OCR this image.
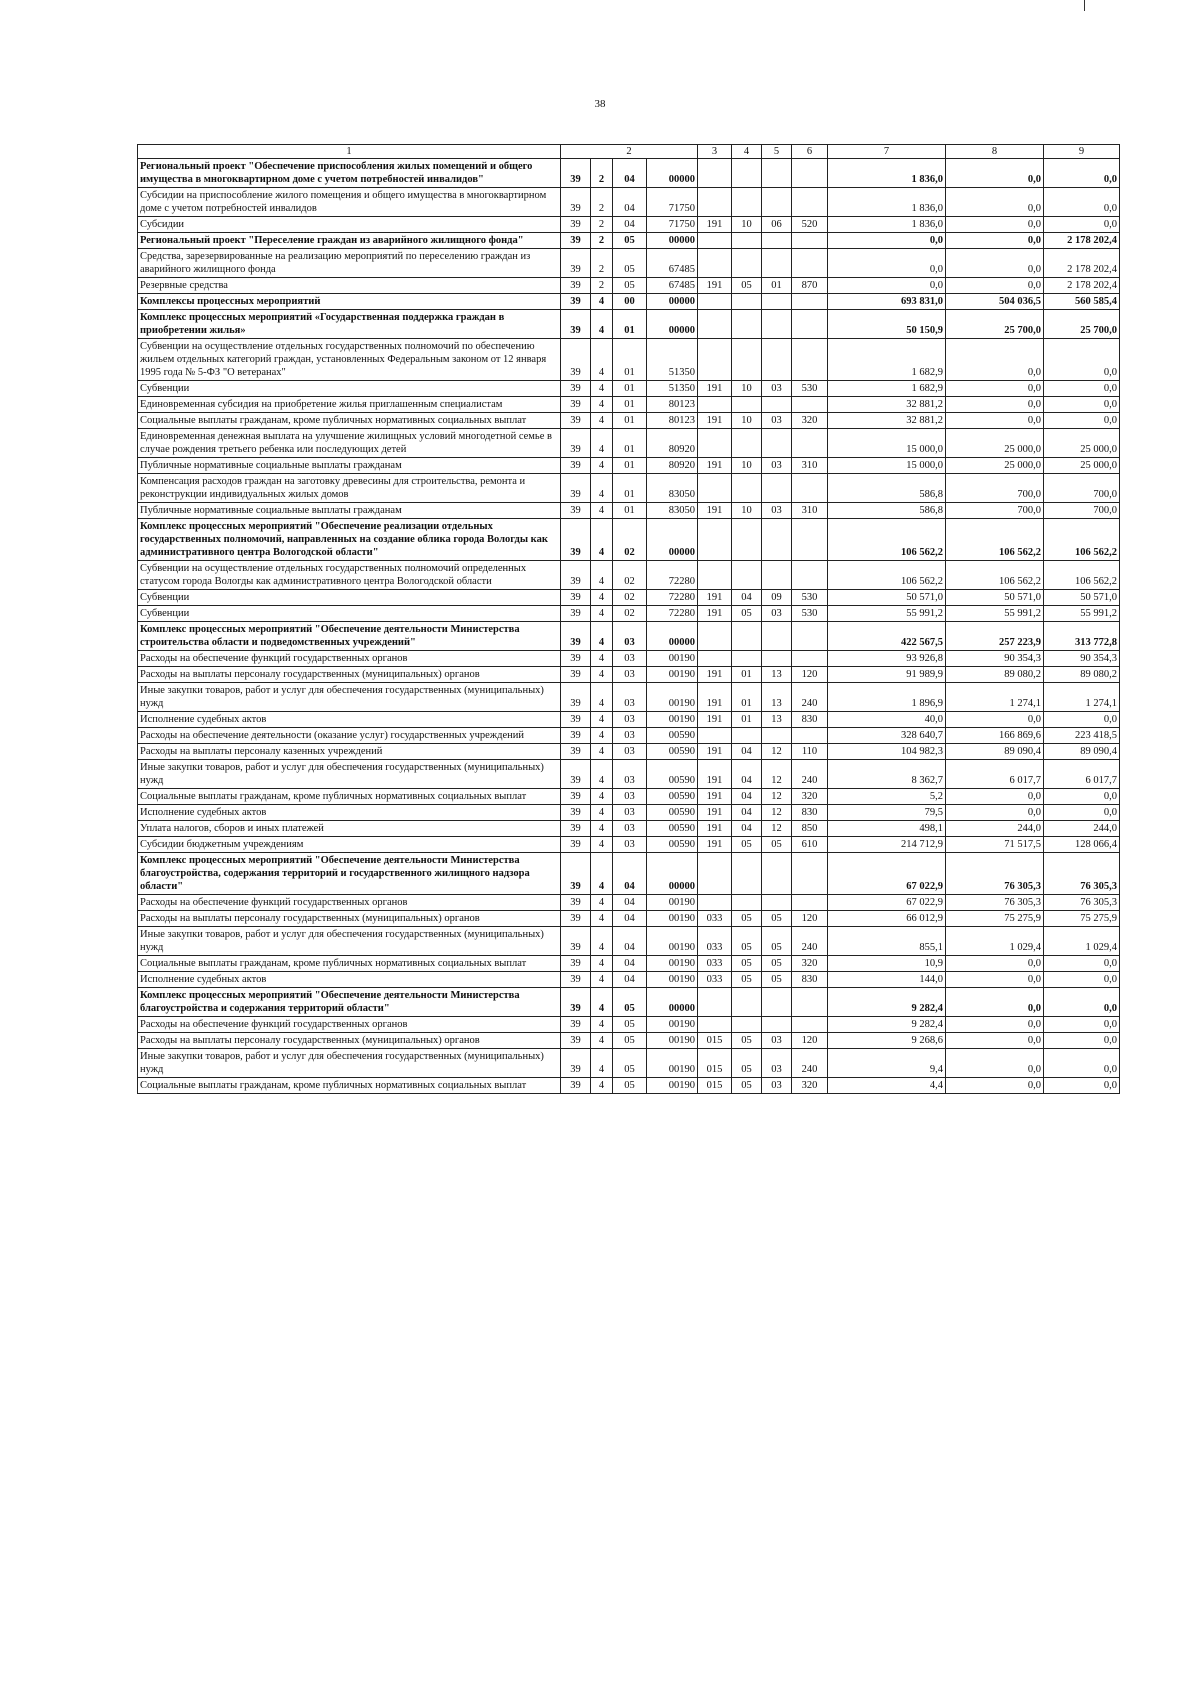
38
1	2				3	4	5	6	7	8	9
Региональный проект "Обеспечение приспособления жилых помещений и общего имущества в многоквартирном доме с учетом потребностей инвалидов"	39	2	04	00000					1 836,0	0,0	0,0
Субсидии на приспособление жилого помещения и общего имущества в многоквартирном доме с учетом потребностей инвалидов	39	2	04	71750					1 836,0	0,0	0,0
Субсидии	39	2	04	71750	191	10	06	520	1 836,0	0,0	0,0
Региональный проект "Переселение граждан из аварийного жилищного фонда"	39	2	05	00000					0,0	0,0	2 178 202,4
Средства, зарезервированные на реализацию мероприятий по переселению граждан из аварийного жилищного фонда	39	2	05	67485					0,0	0,0	2 178 202,4
Резервные средства	39	2	05	67485	191	05	01	870	0,0	0,0	2 178 202,4
Комплексы процессных мероприятий	39	4	00	00000					693 831,0	504 036,5	560 585,4
Комплекс процессных мероприятий «Государственная поддержка граждан в приобретении жилья»	39	4	01	00000					50 150,9	25 700,0	25 700,0
Субвенции на осуществление отдельных государственных полномочий по обеспечению жильем отдельных категорий граждан, установленных Федеральным законом от 12 января 1995 года № 5-ФЗ "О ветеранах"	39	4	01	51350					1 682,9	0,0	0,0
Субвенции	39	4	01	51350	191	10	03	530	1 682,9	0,0	0,0
Единовременная субсидия на приобретение жилья приглашенным специалистам	39	4	01	80123					32 881,2	0,0	0,0
Социальные выплаты гражданам, кроме публичных нормативных социальных выплат	39	4	01	80123	191	10	03	320	32 881,2	0,0	0,0
Единовременная денежная выплата на улучшение жилищных условий многодетной семье в случае рождения третьего ребенка или последующих детей	39	4	01	80920					15 000,0	25 000,0	25 000,0
Публичные нормативные социальные выплаты гражданам	39	4	01	80920	191	10	03	310	15 000,0	25 000,0	25 000,0
Компенсация расходов граждан на заготовку древесины для строительства, ремонта и реконструкции индивидуальных жилых домов	39	4	01	83050					586,8	700,0	700,0
Публичные нормативные социальные выплаты гражданам	39	4	01	83050	191	10	03	310	586,8	700,0	700,0
Комплекс процессных мероприятий "Обеспечение реализации отдельных государственных полномочий, направленных на создание облика города Вологды как административного центра Вологодской области"	39	4	02	00000					106 562,2	106 562,2	106 562,2
Субвенции на осуществление отдельных государственных полномочий определенных статусом города Вологды как административного центра Вологодской области	39	4	02	72280					106 562,2	106 562,2	106 562,2
Субвенции	39	4	02	72280	191	04	09	530	50 571,0	50 571,0	50 571,0
Субвенции	39	4	02	72280	191	05	03	530	55 991,2	55 991,2	55 991,2
Комплекс процессных мероприятий "Обеспечение деятельности Министерства строительства области и подведомственных учреждений"	39	4	03	00000					422 567,5	257 223,9	313 772,8
Расходы на обеспечение функций государственных органов	39	4	03	00190					93 926,8	90 354,3	90 354,3
Расходы на выплаты персоналу государственных (муниципальных) органов	39	4	03	00190	191	01	13	120	91 989,9	89 080,2	89 080,2
Иные закупки товаров, работ и услуг для обеспечения государственных (муниципальных) нужд	39	4	03	00190	191	01	13	240	1 896,9	1 274,1	1 274,1
Исполнение судебных актов	39	4	03	00190	191	01	13	830	40,0	0,0	0,0
Расходы на обеспечение деятельности (оказание услуг) государственных учреждений	39	4	03	00590					328 640,7	166 869,6	223 418,5
Расходы на выплаты персоналу казенных учреждений	39	4	03	00590	191	04	12	110	104 982,3	89 090,4	89 090,4
Иные закупки товаров, работ и услуг для обеспечения государственных (муниципальных) нужд	39	4	03	00590	191	04	12	240	8 362,7	6 017,7	6 017,7
Социальные выплаты гражданам, кроме публичных нормативных социальных выплат	39	4	03	00590	191	04	12	320	5,2	0,0	0,0
Исполнение судебных актов	39	4	03	00590	191	04	12	830	79,5	0,0	0,0
Уплата налогов, сборов и иных платежей	39	4	03	00590	191	04	12	850	498,1	244,0	244,0
Субсидии бюджетным учреждениям	39	4	03	00590	191	05	05	610	214 712,9	71 517,5	128 066,4
Комплекс процессных мероприятий "Обеспечение деятельности Министерства благоустройства, содержания территорий и государственного жилищного надзора области"	39	4	04	00000					67 022,9	76 305,3	76 305,3
Расходы на обеспечение функций государственных органов	39	4	04	00190					67 022,9	76 305,3	76 305,3
Расходы на выплаты персоналу государственных (муниципальных) органов	39	4	04	00190	033	05	05	120	66 012,9	75 275,9	75 275,9
Иные закупки товаров, работ и услуг для обеспечения государственных (муниципальных) нужд	39	4	04	00190	033	05	05	240	855,1	1 029,4	1 029,4
Социальные выплаты гражданам, кроме публичных нормативных социальных выплат	39	4	04	00190	033	05	05	320	10,9	0,0	0,0
Исполнение судебных актов	39	4	04	00190	033	05	05	830	144,0	0,0	0,0
Комплекс процессных мероприятий "Обеспечение деятельности Министерства благоустройства и содержания территорий области"	39	4	05	00000					9 282,4	0,0	0,0
Расходы на обеспечение функций государственных органов	39	4	05	00190					9 282,4	0,0	0,0
Расходы на выплаты персоналу государственных (муниципальных) органов	39	4	05	00190	015	05	03	120	9 268,6	0,0	0,0
Иные закупки товаров, работ и услуг для обеспечения государственных (муниципальных) нужд	39	4	05	00190	015	05	03	240	9,4	0,0	0,0
Социальные выплаты гражданам, кроме публичных нормативных социальных выплат	39	4	05	00190	015	05	03	320	4,4	0,0	0,0
